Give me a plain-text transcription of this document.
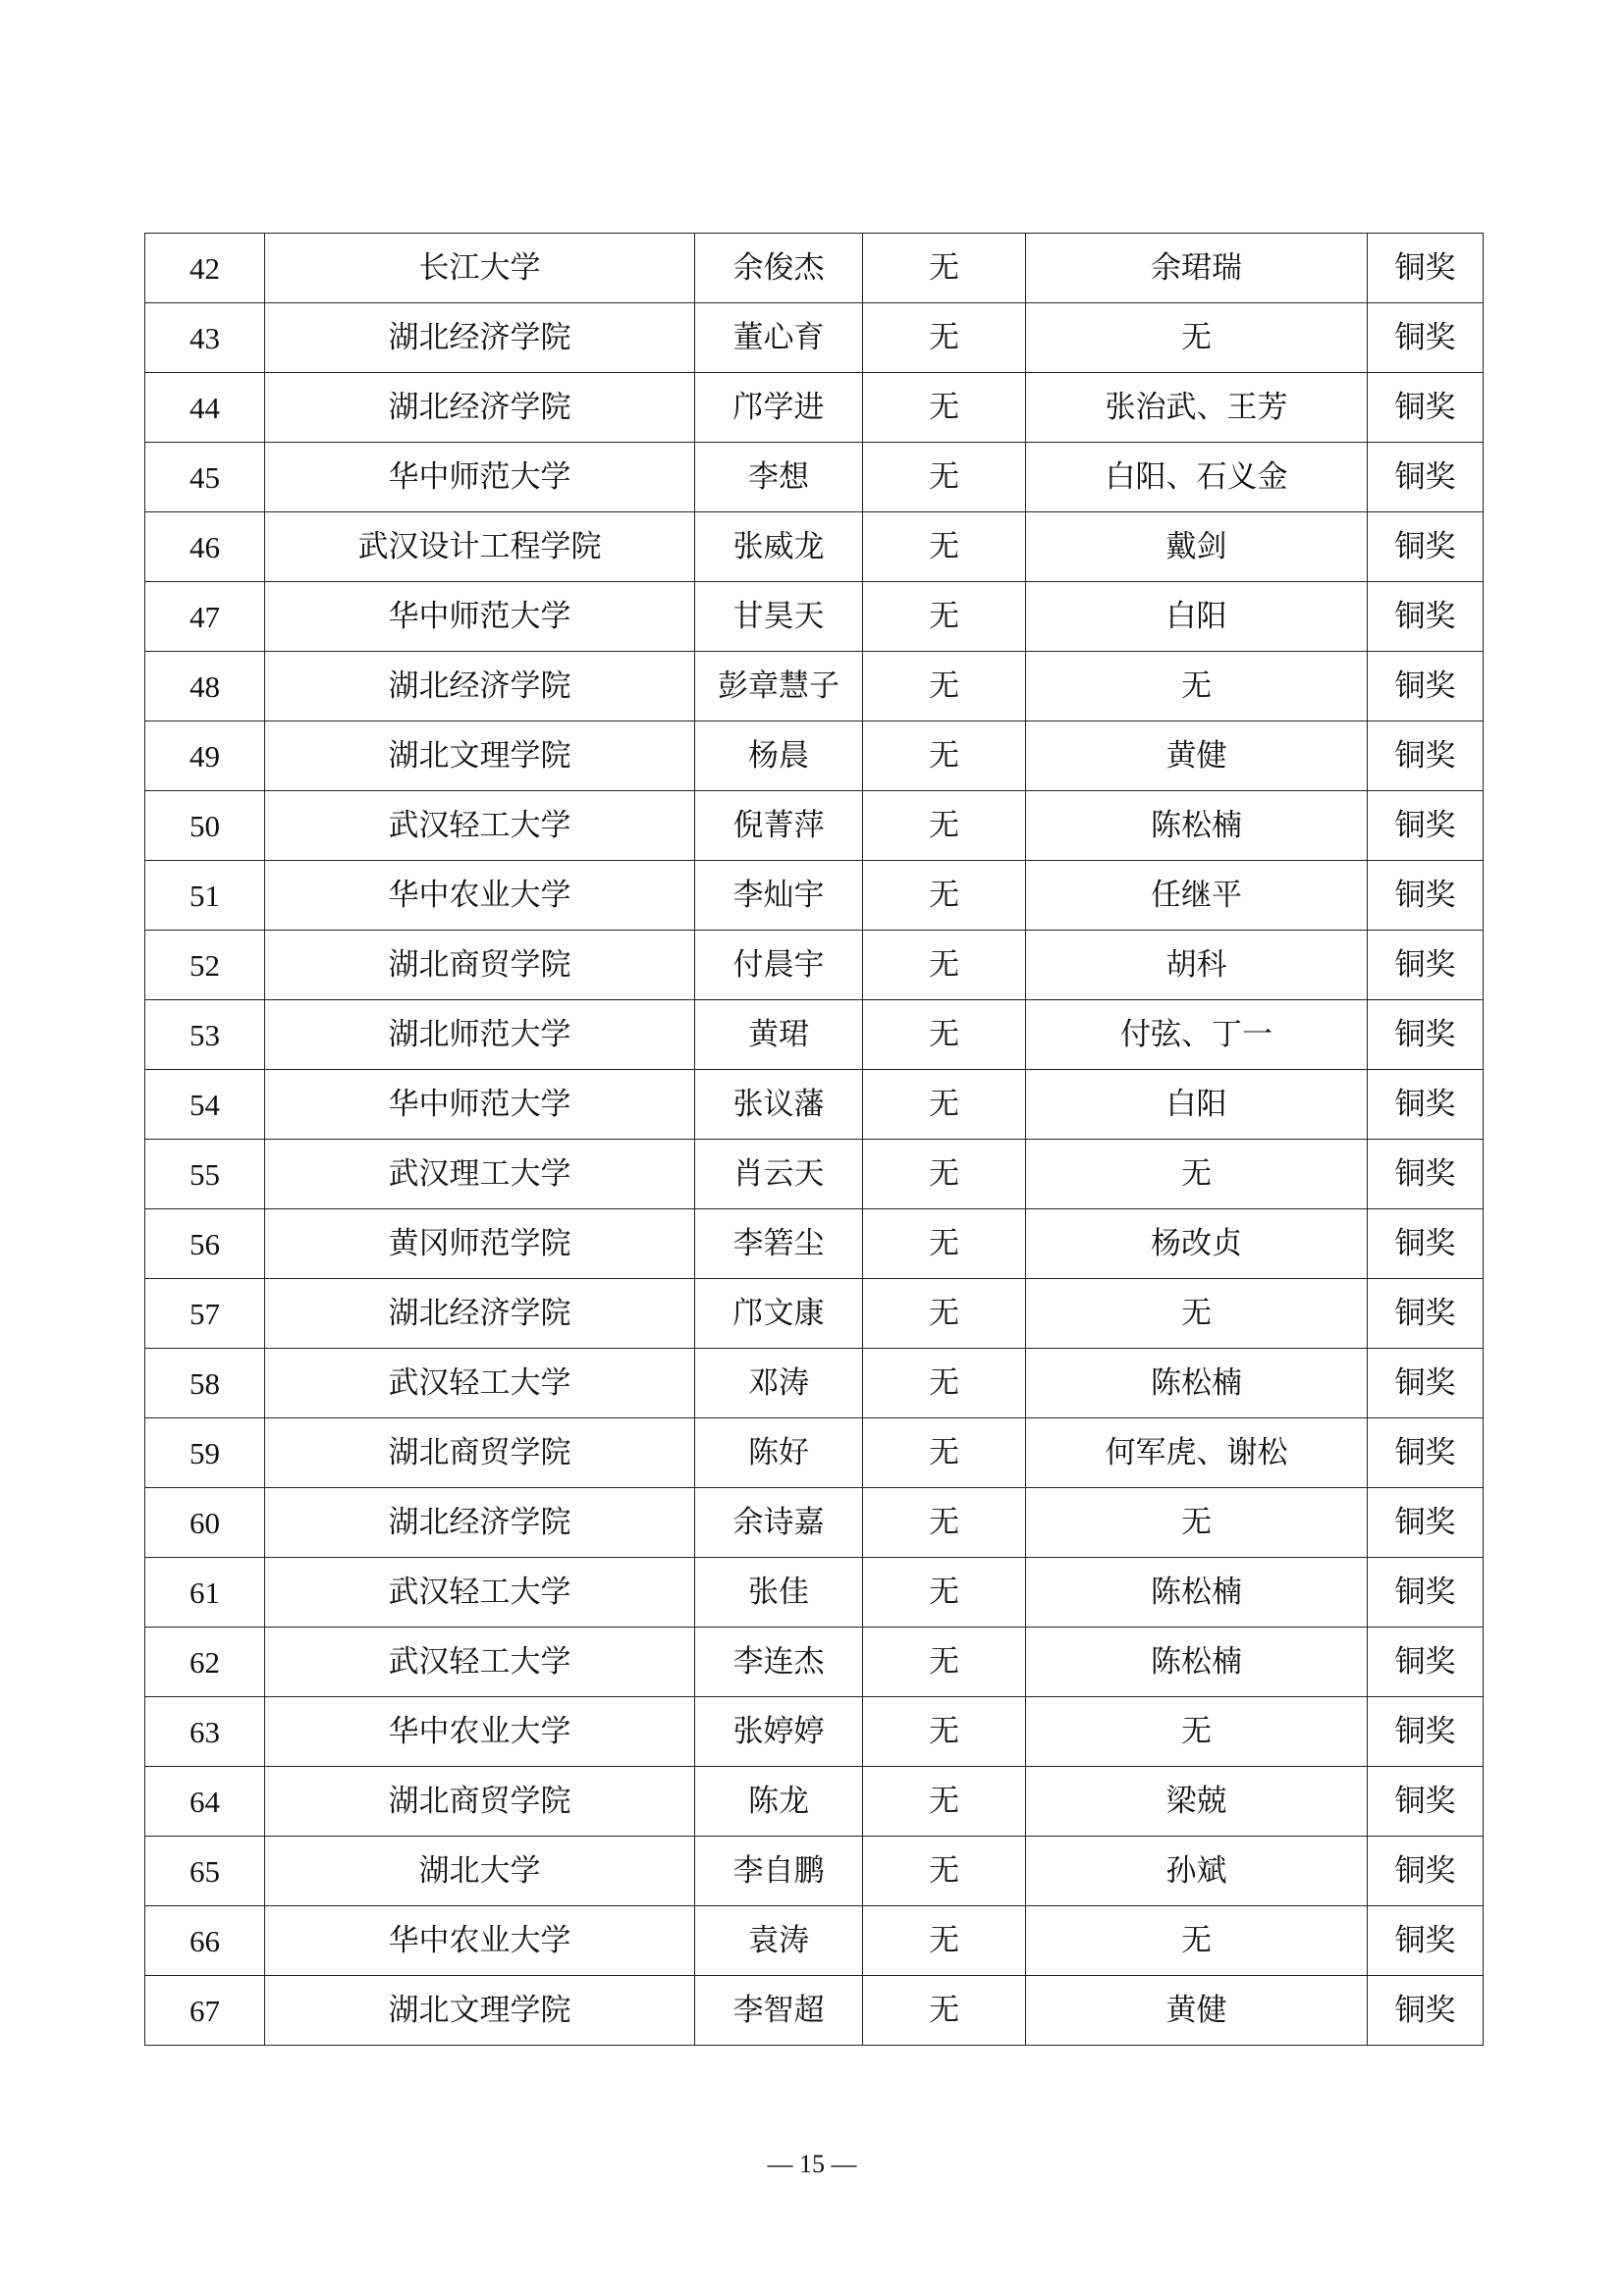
42	长江大学	余俊杰	无	余珺瑞	铜奖
43	湖北经济学院	董心育	无	无	铜奖
44	湖北经济学院	邝学进	无	张治武、王芳	铜奖
45	华中师范大学	李想	无	白阳、石义金	铜奖
46	武汉设计工程学院	张威龙	无	戴剑	铜奖
47	华中师范大学	甘昊天	无	白阳	铜奖
48	湖北经济学院	彭章慧子	无	无	铜奖
49	湖北文理学院	杨晨	无	黄健	铜奖
50	武汉轻工大学	倪菁萍	无	陈松楠	铜奖
51	华中农业大学	李灿宇	无	任继平	铜奖
52	湖北商贸学院	付晨宇	无	胡科	铜奖
53	湖北师范大学	黄珺	无	付弦、丁一	铜奖
54	华中师范大学	张议藩	无	白阳	铜奖
55	武汉理工大学	肖云天	无	无	铜奖
56	黄冈师范学院	李箬尘	无	杨改贞	铜奖
57	湖北经济学院	邝文康	无	无	铜奖
58	武汉轻工大学	邓涛	无	陈松楠	铜奖
59	湖北商贸学院	陈好	无	何军虎、谢松	铜奖
60	湖北经济学院	余诗嘉	无	无	铜奖
61	武汉轻工大学	张佳	无	陈松楠	铜奖
62	武汉轻工大学	李连杰	无	陈松楠	铜奖
63	华中农业大学	张婷婷	无	无	铜奖
64	湖北商贸学院	陈龙	无	梁兢	铜奖
65	湖北大学	李自鹏	无	孙斌	铜奖
66	华中农业大学	袁涛	无	无	铜奖
67	湖北文理学院	李智超	无	黄健	铜奖
— 15 —
